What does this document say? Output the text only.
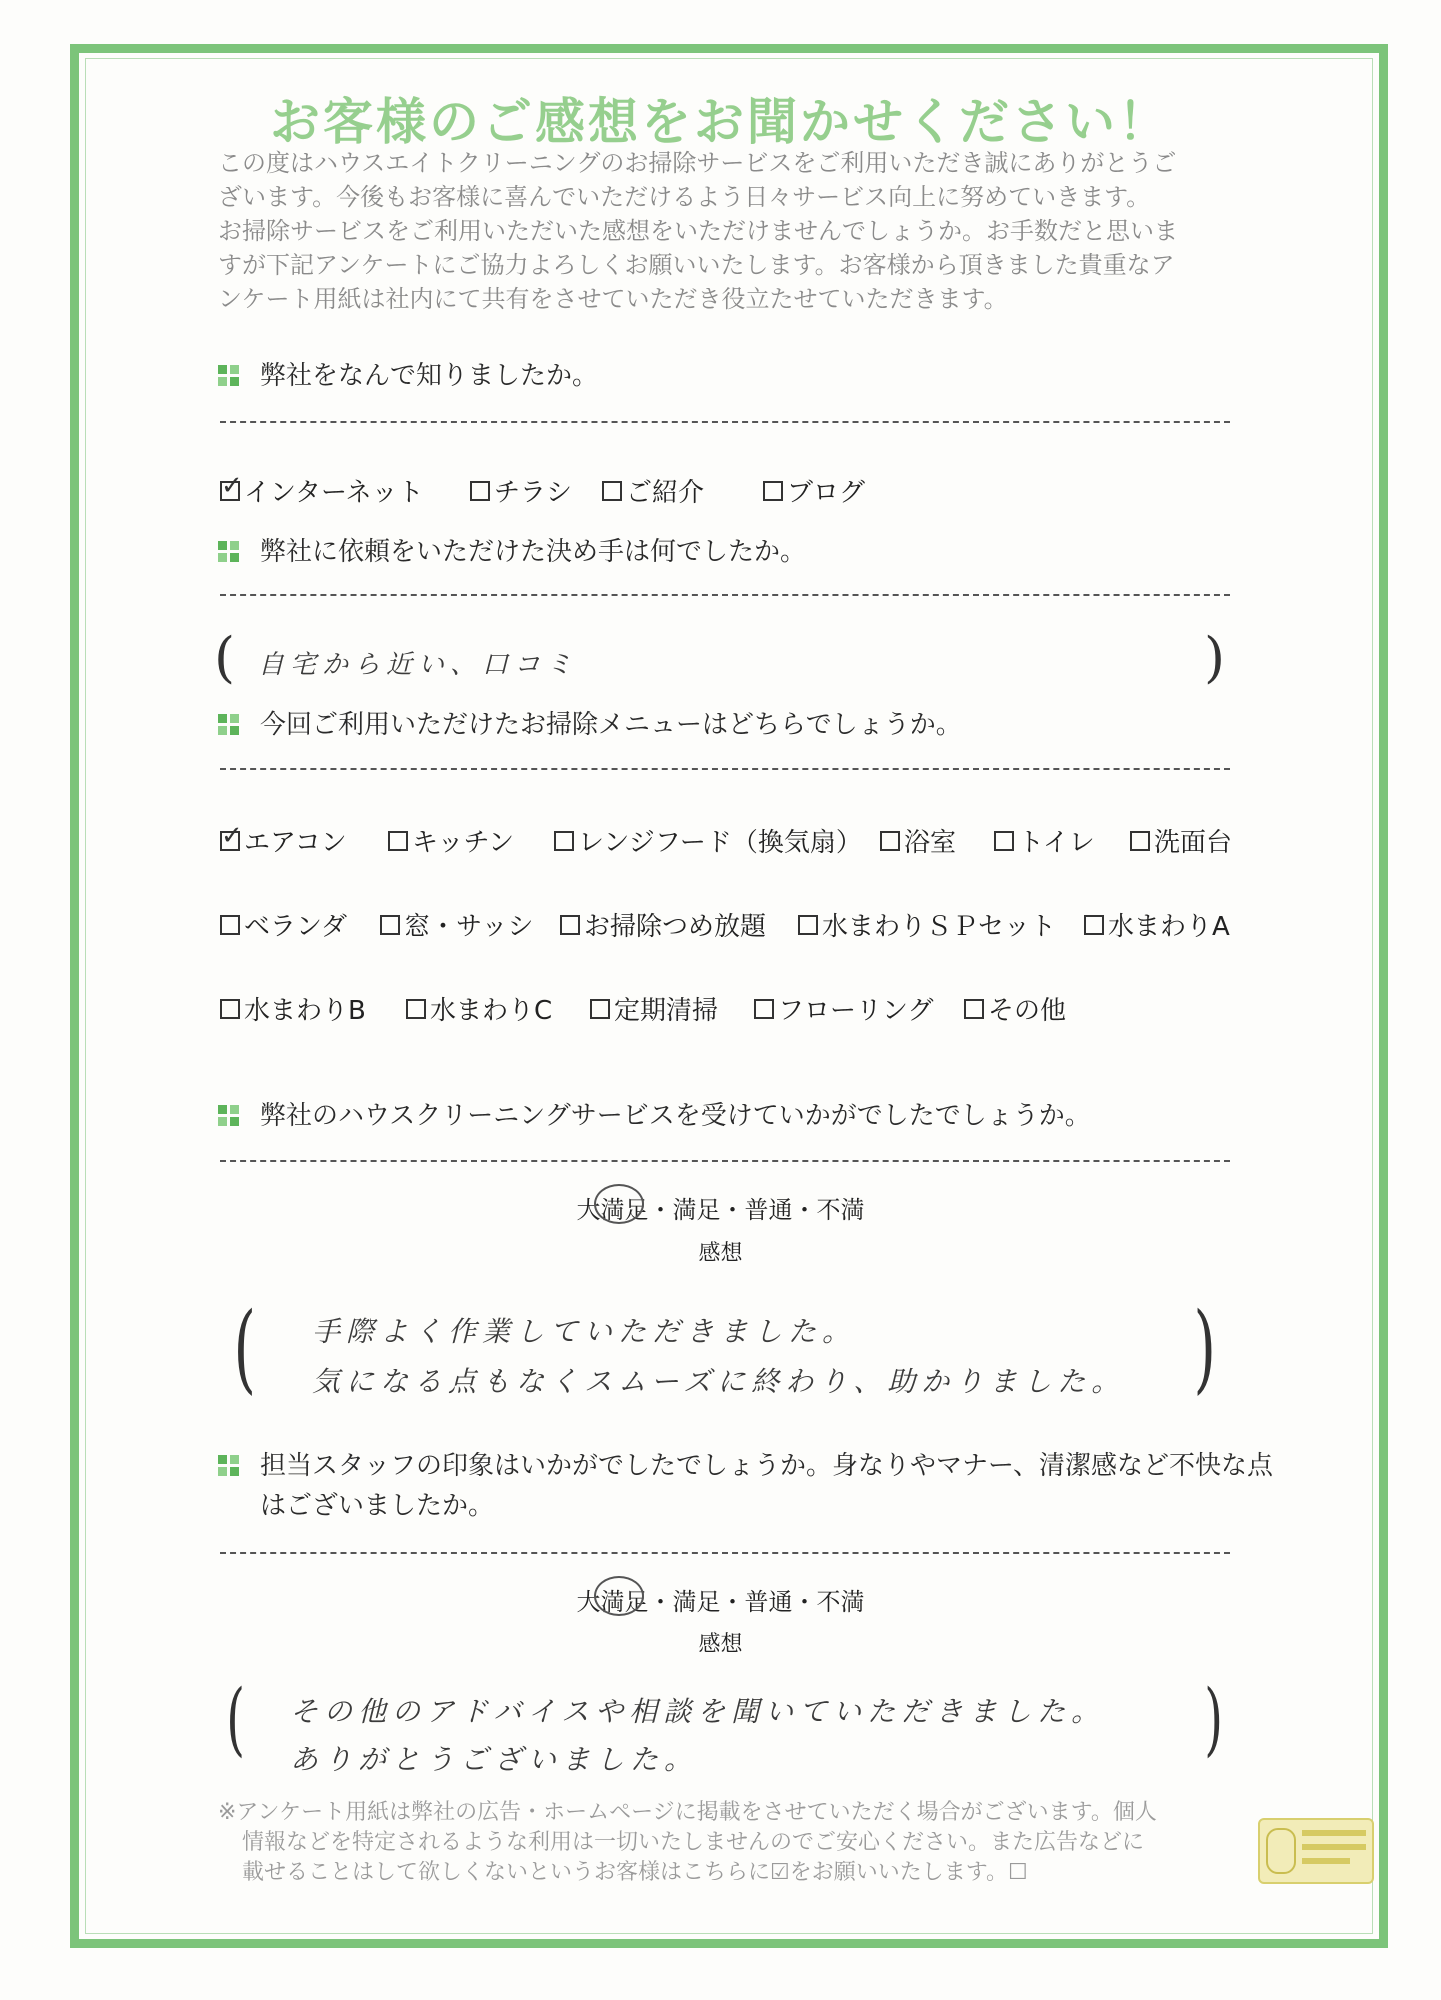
お客様のご感想をお聞かせください！
この度はハウスエイトクリーニングのお掃除サービスをご利用いただき誠にありがとうご
ざいます。今後もお客様に喜んでいただけるよう日々サービス向上に努めていきます。
お掃除サービスをご利用いただいた感想をいただけませんでしょうか。お手数だと思いま
すが下記アンケートにご協力よろしくお願いいたします。お客様から頂きました貴重なア
ンケート用紙は社内にて共有をさせていただき役立たせていただきます。
弊社をなんで知りましたか。
✓
インターネット	チラシ ご紹介	ブログ
弊社に依頼をいただけた決め手は何でしたか。
( 自宅から近い、口コミ	)
今回ご利用いただけたお掃除メニューはどちらでしょうか。
✓
エアコン	キッチン レンジフード（換気扇） 浴室 トイレ 洗面台
ベランダ 窓・サッシ お掃除つめ放題 水まわりＳＰセット 水まわりA
水まわりB 水まわりC 定期清掃 フローリング その他
弊社のハウスクリーニングサービスを受けていかがでしたでしょうか。
大満足・満足・普通・不満
感想
( 手際よく作業していただきました。
気になる点もなくスムーズに終わり、助かりました。 )
担当スタッフの印象はいかがでしたでしょうか。身なりやマナー、清潔感など不快な点
はございましたか。
大満足・満足・普通・不満
感想
( その他のアドバイスや相談を聞いていただきました。
ありがとうございました。	)
※アンケート用紙は弊社の広告・ホームページに掲載をさせていただく場合がございます。個人
情報などを特定されるような利用は一切いたしませんのでご安心ください。また広告などに
載せることはして欲しくないというお客様はこちらに☑をお願いいたします。☐
